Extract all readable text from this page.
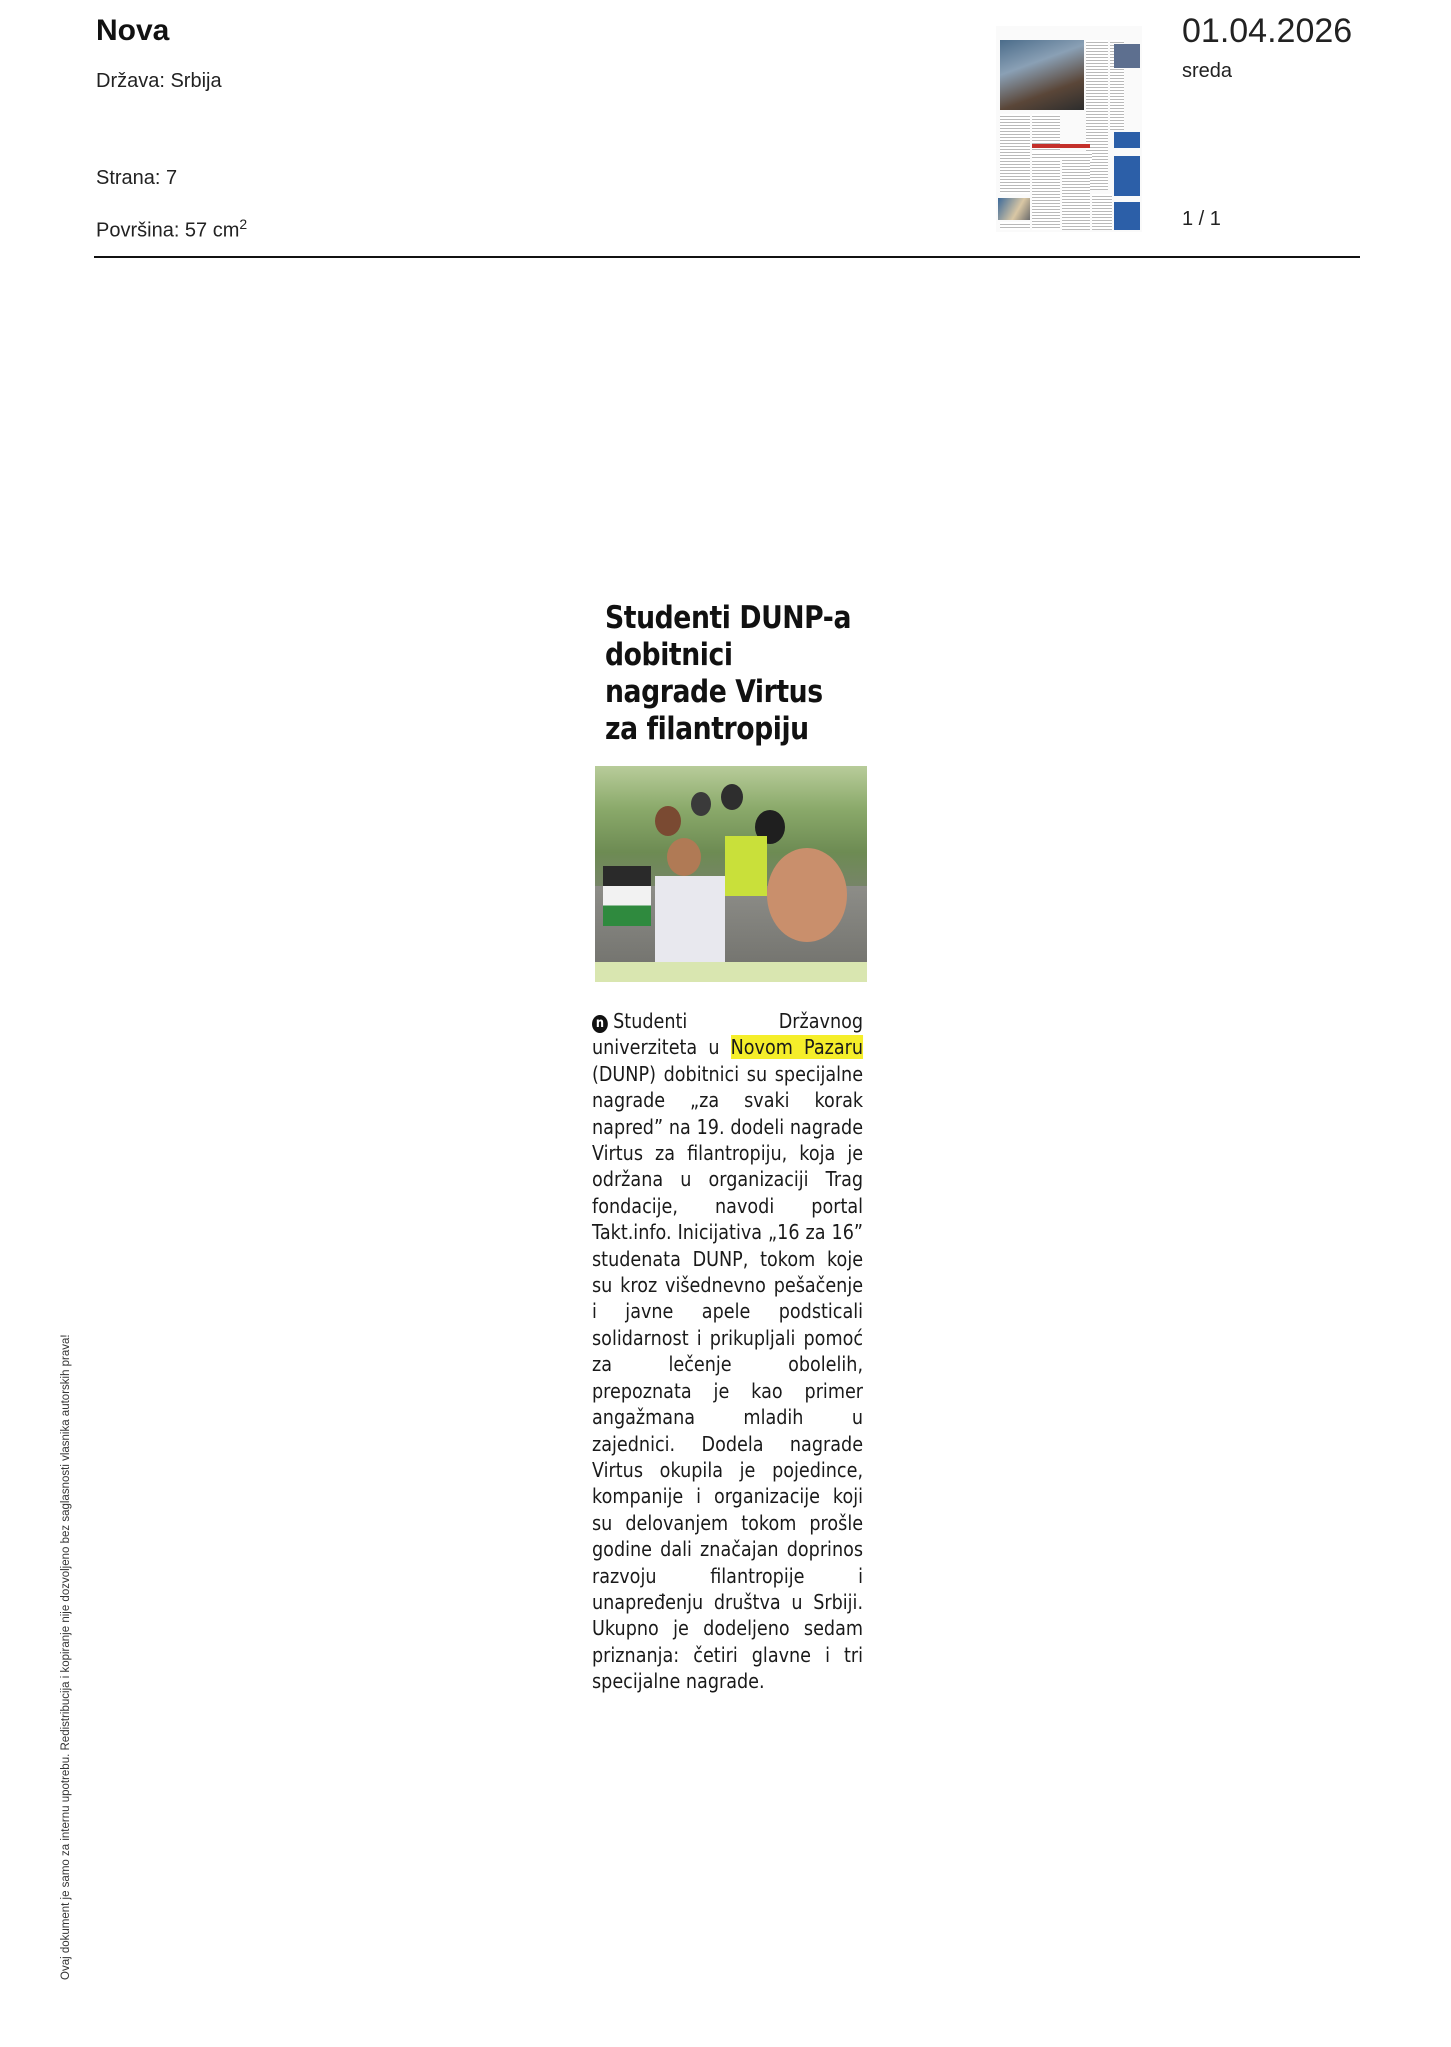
Nova
Država: Srbija
Strana: 7
Površina: 57 $cm^2$
01.04.2026
sreda
1 / 1
Studenti DUNP-a dobitnici nagrade Virtus za filantropiju
n Studenti Državnog univerziteta u Novom Pazaru (DUNP) dobitnici su specijalne nagrade „za svaki korak napred” na 19. dodeli nagrade Virtus za filantropiju, koja je održana u organizaciji Trag fondacije, navodi portal Takt.info. Inicijativa „16 za 16” studenata DUNP, tokom koje su kroz višednevno pešačenje i javne apele podsticali solidarnost i prikupljali pomoć za lečenje obolelih, prepoznata je kao primer angažmana mladih u zajednici. Dodela nagrade Virtus okupila je pojedince, kompanije i organizacije koji su delovanjem tokom prošle godine dali značajan doprinos razvoju filantropije i unapređenju društva u Srbiji. Ukupno je dodeljeno sedam priznanja: četiri glavne i tri specijalne nagrade.
Ovaj dokument je samo za internu upotrebu. Redistribucija i kopiranje nije dozvoljeno bez saglasnosti vlasnika autorskih prava!
